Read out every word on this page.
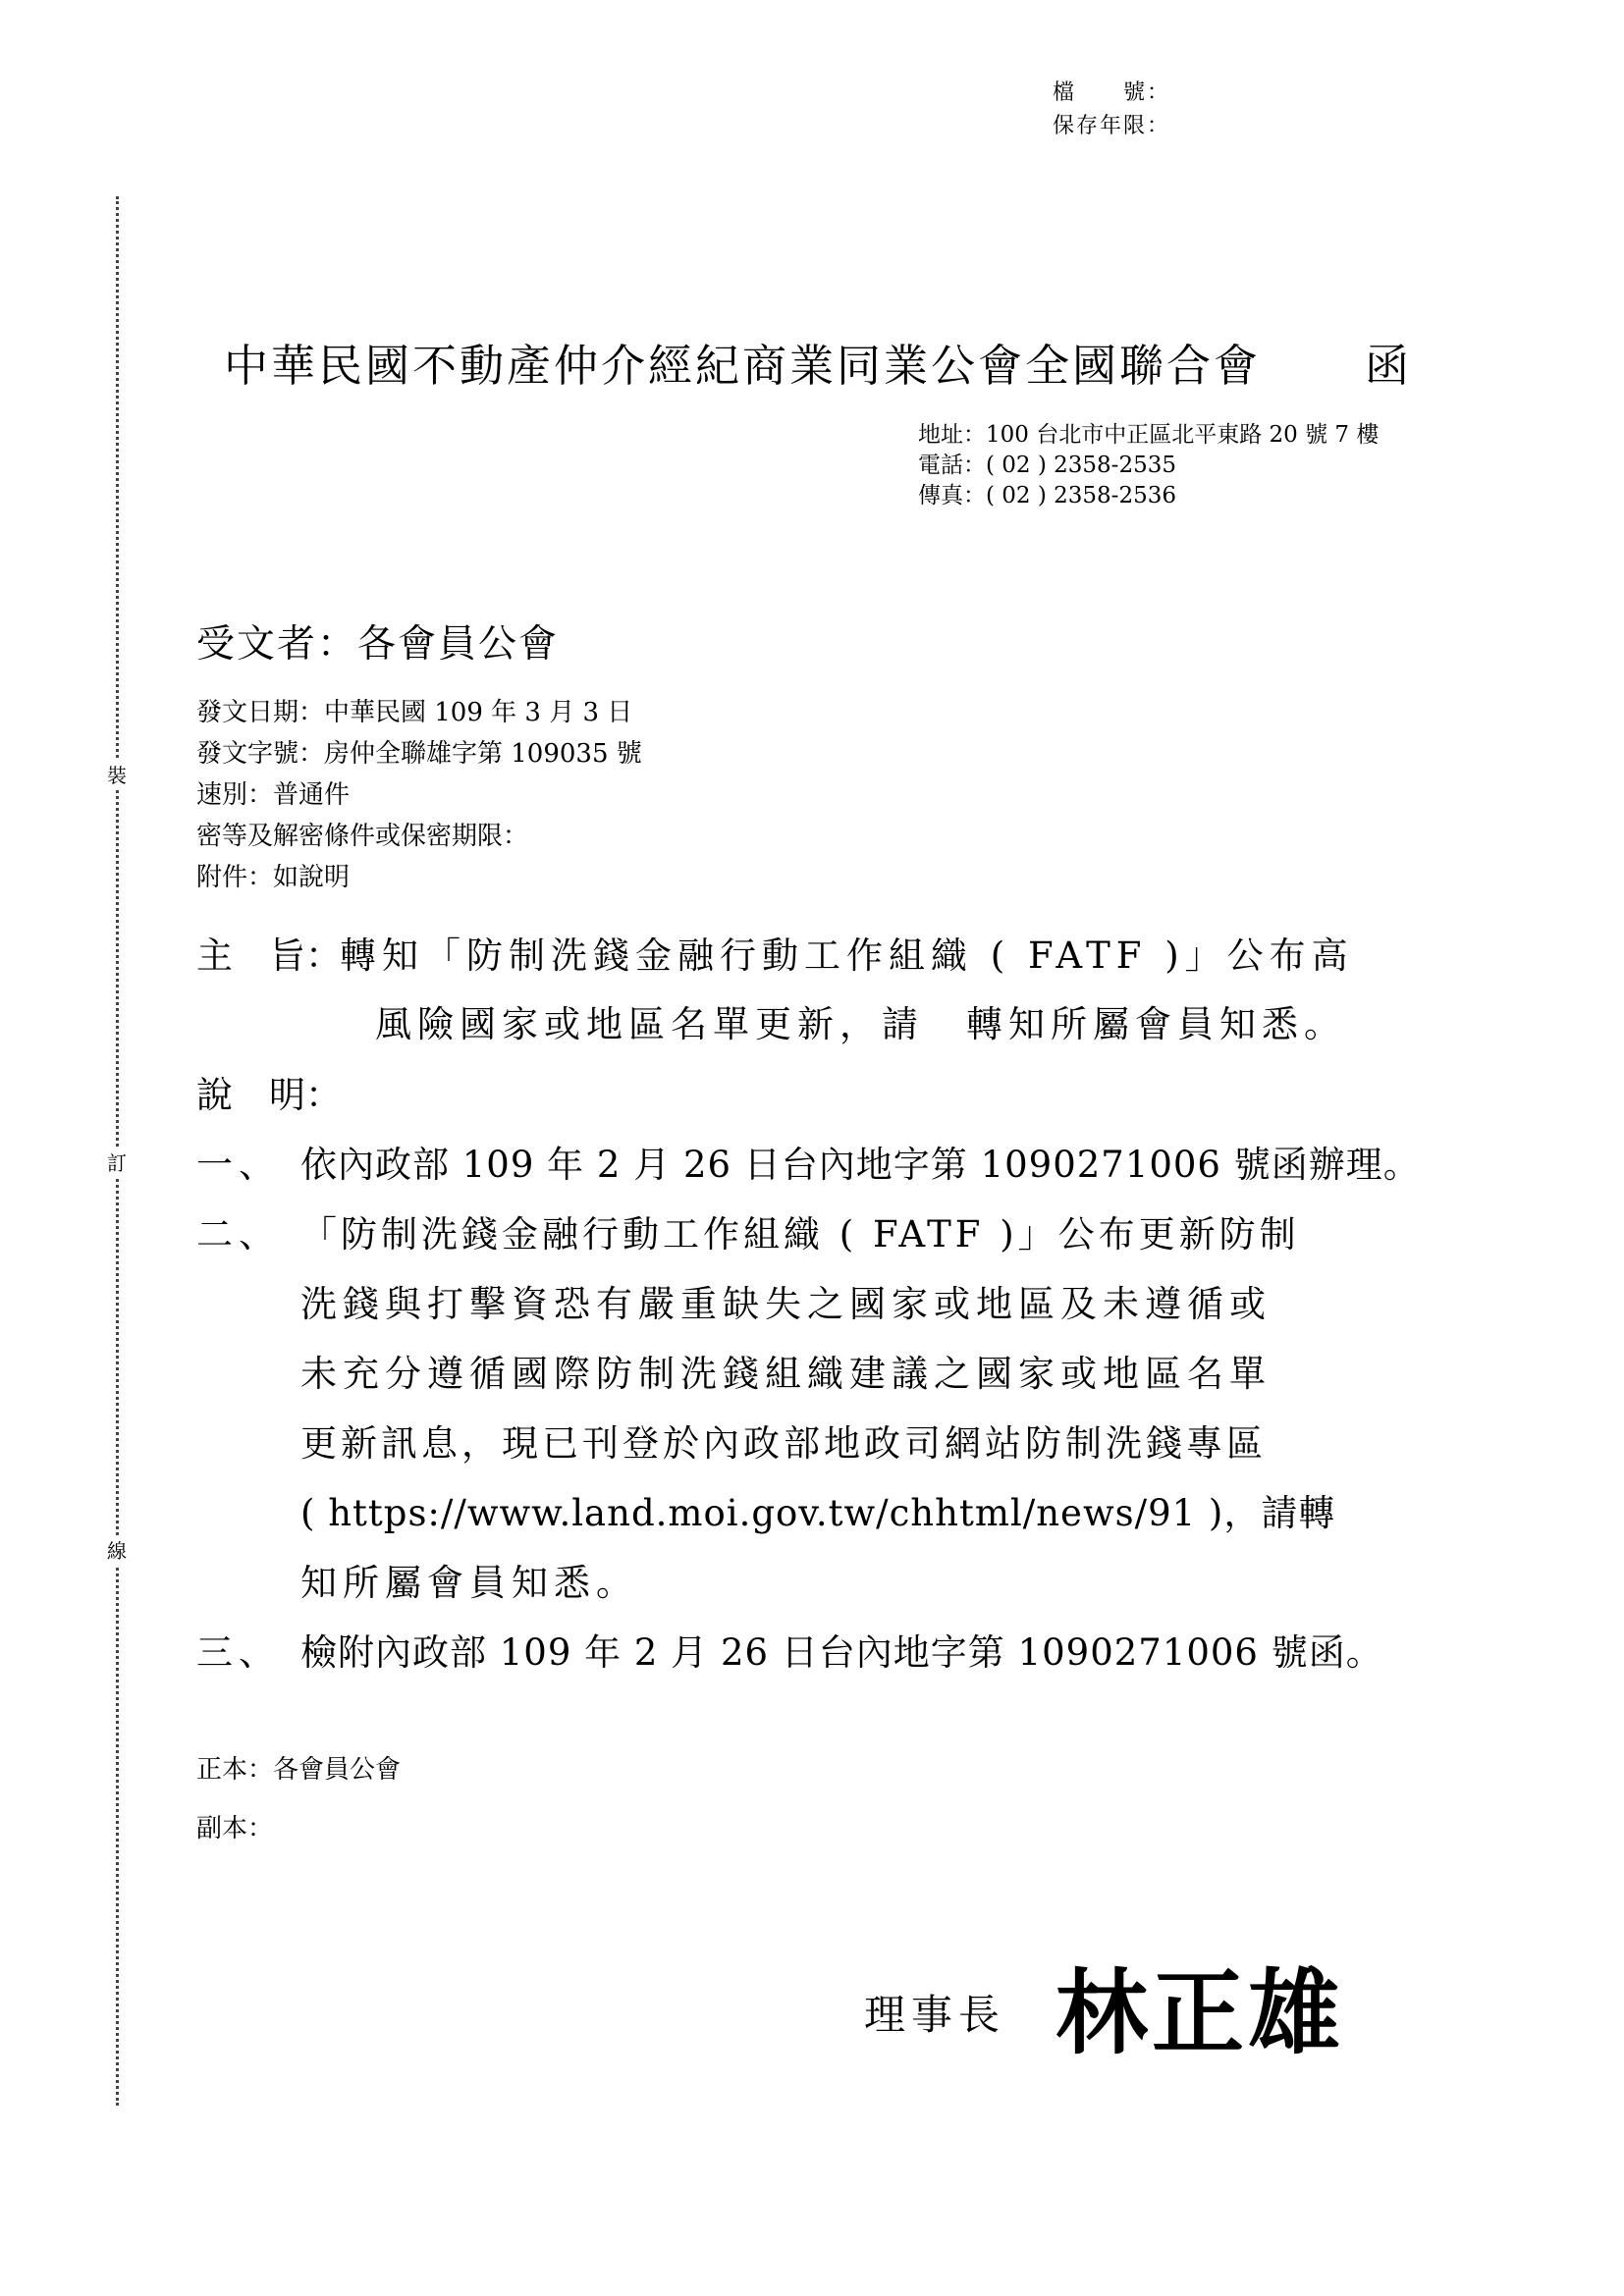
檔　　號：
保存年限：
裝
訂
線
中華民國不動產仲介經紀商業同業公會全國聯合會 函
地址：100 台北市中正區北平東路 20 號 7 樓
電話：( 02 ) 2358-2535
傳真：( 02 ) 2358-2536
受文者：各會員公會
發文日期：中華民國 109 年 3 月 3 日
發文字號：房仲全聯雄字第 109035 號
速別：普通件
密等及解密條件或保密期限：
附件：如說明
主　旨：
轉知「防制洗錢金融行動工作組織 ( FATF )」公布高
風險國家或地區名單更新，請　轉知所屬會員知悉。
說　明：
一、 依內政部 109 年 2 月 26 日台內地字第 1090271006 號函辦理。
二、 「防制洗錢金融行動工作組織 ( FATF )」公布更新防制
洗錢與打擊資恐有嚴重缺失之國家或地區及未遵循或
未充分遵循國際防制洗錢組織建議之國家或地區名單
更新訊息，現已刊登於內政部地政司網站防制洗錢專區
( https://www.land.moi.gov.tw/chhtml/news/91 )，請轉
知所屬會員知悉。
三、 檢附內政部 109 年 2 月 26 日台內地字第 1090271006 號函。
正本：各會員公會
副本：
理事長 林正雄
